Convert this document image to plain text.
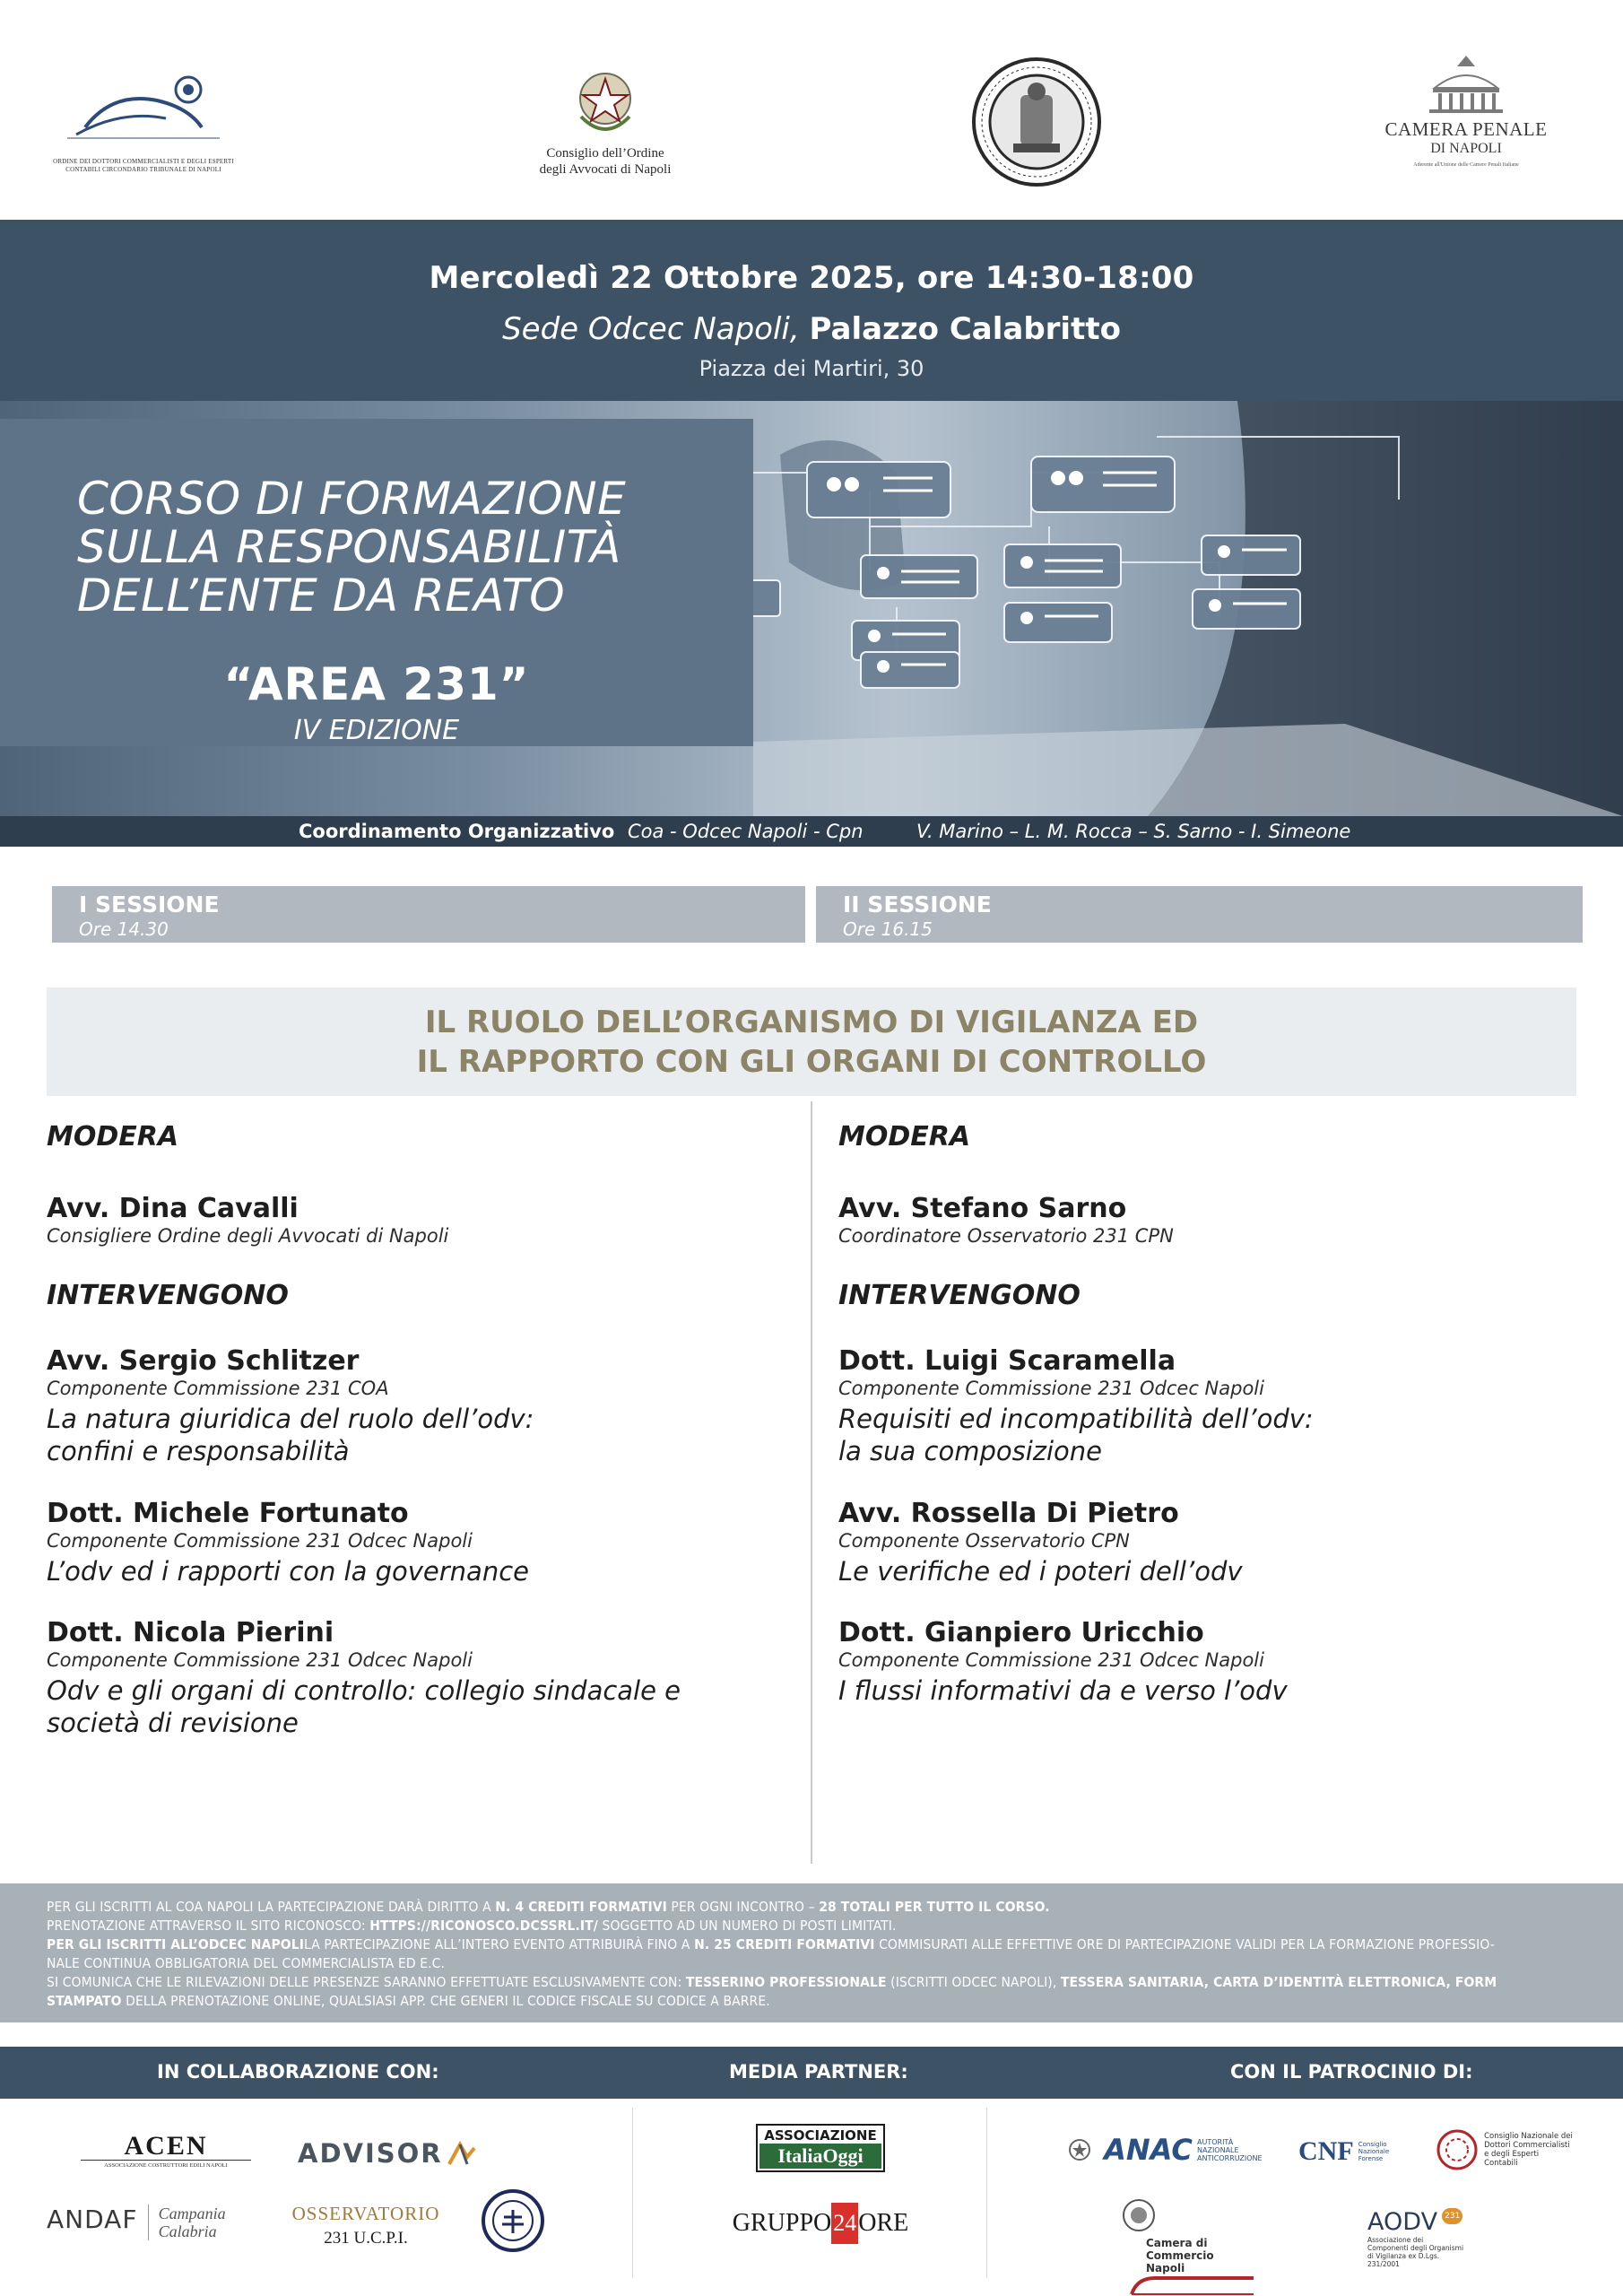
ORDINE DEI DOTTORI COMMERCIALISTI E DEGLI ESPERTI CONTABILI CIRCONDARIO TRIBUNALE DI NAPOLI
Consiglio dell’Ordine
degli Avvocati di Napoli
CAMERA PENALE
DI NAPOLI
Aderente all'Unione delle Camere Penali Italiane
Mercoledì 22 Ottobre 2025, ore 14:30-18:00
Sede Odcec Napoli, Palazzo Calabritto
Piazza dei Martiri, 30
CORSO DI FORMAZIONE
SULLA RESPONSABILITÀ
DELL’ENTE DA REATO
“AREA 231”
IV EDIZIONE
Coordinamento Organizzativo Coa - Odcec Napoli - Cpn	V. Marino – L. M. Rocca – S. Sarno - I. Simeone
I SESSIONE
Ore 14.30
II SESSIONE
Ore 16.15
IL RUOLO DELL’ORGANISMO DI VIGILANZA ED
IL RAPPORTO CON GLI ORGANI DI CONTROLLO
MODERA
Avv. Dina Cavalli
Consigliere Ordine degli Avvocati di Napoli
INTERVENGONO
Avv. Sergio Schlitzer
Componente Commissione 231 COA
La natura giuridica del ruolo dell’odv:
confini e responsabilità
Dott. Michele Fortunato
Componente Commissione 231 Odcec Napoli
L’odv ed i rapporti con la governance
Dott. Nicola Pierini
Componente Commissione 231 Odcec Napoli
Odv e gli organi di controllo: collegio sindacale e
società di revisione
MODERA
Avv. Stefano Sarno
Coordinatore Osservatorio 231 CPN
INTERVENGONO
Dott. Luigi Scaramella
Componente Commissione 231 Odcec Napoli
Requisiti ed incompatibilità dell’odv:
la sua composizione
Avv. Rossella Di Pietro
Componente Osservatorio CPN
Le verifiche ed i poteri dell’odv
Dott. Gianpiero Uricchio
Componente Commissione 231 Odcec Napoli
I flussi informativi da e verso l’odv
PER GLI ISCRITTI AL COA NAPOLI LA PARTECIPAZIONE DARÀ DIRITTO A N. 4 CREDITI FORMATIVI PER OGNI INCONTRO – 28 TOTALI PER TUTTO IL CORSO.
PRENOTAZIONE ATTRAVERSO IL SITO RICONOSCO: HTTPS://RICONOSCO.DCSSRL.IT/ SOGGETTO AD UN NUMERO DI POSTI LIMITATI.
PER GLI ISCRITTI ALL’ODCEC NAPOLILA PARTECIPAZIONE ALL’INTERO EVENTO ATTRIBUIRÀ FINO A N. 25 CREDITI FORMATIVI COMMISURATI ALLE EFFETTIVE ORE DI PARTECIPAZIONE VALIDI PER LA FORMAZIONE PROFESSIO-
NALE CONTINUA OBBLIGATORIA DEL COMMERCIALISTA ED E.C.
SI COMUNICA CHE LE RILEVAZIONI DELLE PRESENZE SARANNO EFFETTUATE ESCLUSIVAMENTE CON: TESSERINO PROFESSIONALE (ISCRITTI ODCEC NAPOLI), TESSERA SANITARIA, CARTA D’IDENTITÀ ELETTRONICA, FORM
STAMPATO DELLA PRENOTAZIONE ONLINE, QUALSIASI APP. CHE GENERI IL CODICE FISCALE SU CODICE A BARRE.
IN COLLABORAZIONE CON:	MEDIA PARTNER:	CON IL PATROCINIO DI:
ACEN
ASSOCIAZIONE COSTRUTTORI EDILI NAPOLI	ADVISOR
ANDAF Campania
Calabria
OSSERVATORIO
231 U.C.P.I.
ASSOCIAZIONE
ItaliaOggi
GRUPPO24ORE
ANAC AUTORITÀ NAZIONALE ANTICORRUZIONE	CNF Consiglio Nazionale Forense
Consiglio Nazionale dei Dottori Commercialisti e degli Esperti Contabili

Camera di Commercio Napoli
AODV 231 Associazione dei Componenti degli Organismi di Vigilanza ex D.Lgs. 231/2001
